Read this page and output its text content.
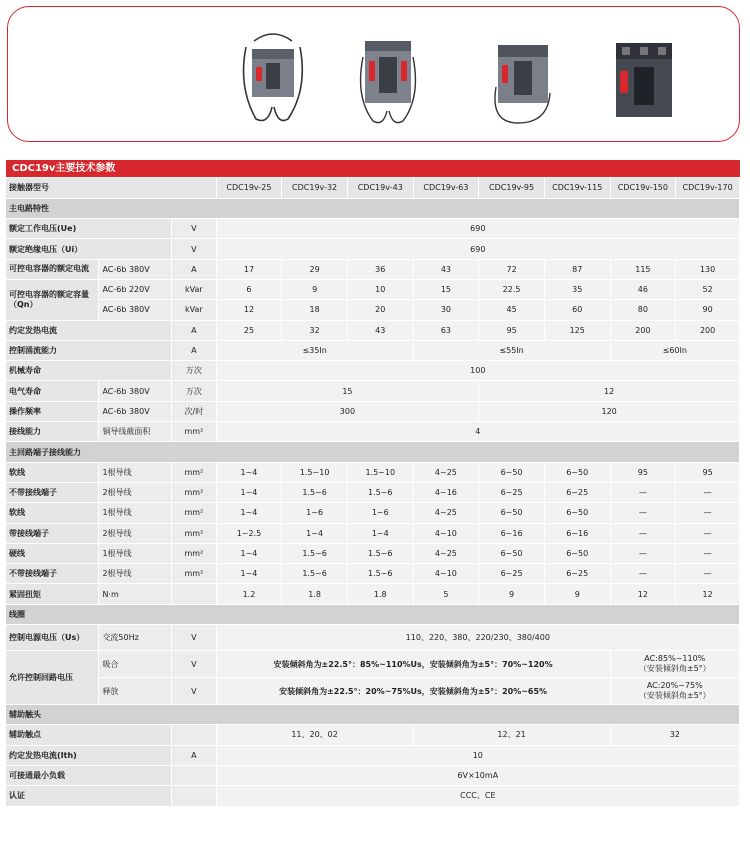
CDC19v主要技术参数
接触器型号			CDC19v-25	CDC19v-32	CDC19v-43	CDC19v-63	CDC19v-95	CDC19v-115	CDC19v-150	CDC19v-170
主电路特性										
额定工作电压(Ue)		V	690							
额定绝缘电压（Ui）		V	690							
可控电容器的额定电流	AC-6b 380V	A	17	29	36	43	72	87	115	130
可控电容器的额定容量（Qn）	AC-6b 220V	kVar	6	9	10	15	22.5	35	46	52
	AC-6b 380V	kVar	12	18	20	30	45	60	80	90
约定发热电流		A	25	32	43	63	95	125	200	200
控制涌流能力		A	≤35In			≤55In			≤60In	
机械寿命		万次	100							
电气寿命	AC-6b 380V	万次	15				12			
操作频率	AC-6b 380V	次/时	300				120			
接线能力	铜导线截面积	mm²	4							
主回路端子接线能力										
软线	1根导线	mm²	1~4	1.5~10	1.5~10	4~25	6~50	6~50	95	95
不带接线端子	2根导线	mm²	1~4	1.5~6	1.5~6	4~16	6~25	6~25	—	—
软线	1根导线	mm²	1~4	1~6	1~6	4~25	6~50	6~50	—	—
带接线端子	2根导线	mm²	1~2.5	1~4	1~4	4~10	6~16	6~16	—	—
硬线	1根导线	mm²	1~4	1.5~6	1.5~6	4~25	6~50	6~50	—	—
不带接线端子	2根导线	mm²	1~4	1.5~6	1.5~6	4~10	6~25	6~25	—	—
紧固扭矩	N·m		1.2	1.8	1.8	5	9	9	12	12
线圈										
控制电源电压（Us）	交流50Hz	V	110、220、380、220/230、380/400							
允许控制回路电压	吸合	V	安装倾斜角为±22.5°：85%~110%Us，安装倾斜角为±5°：70%~120%						AC:85%~110%
（安装倾斜角±5°）	

	释放	V	安装倾斜角为±22.5°：20%~75%Us，安装倾斜角为±5°：20%~65%						AC:20%~75%
（安装倾斜角±5°）	

辅助触头										
辅助触点			11、20、02			12、21			32	
约定发热电流(Ith)		A	10							
可接通最小负载			6V×10mA							
认证			CCC、CE							
